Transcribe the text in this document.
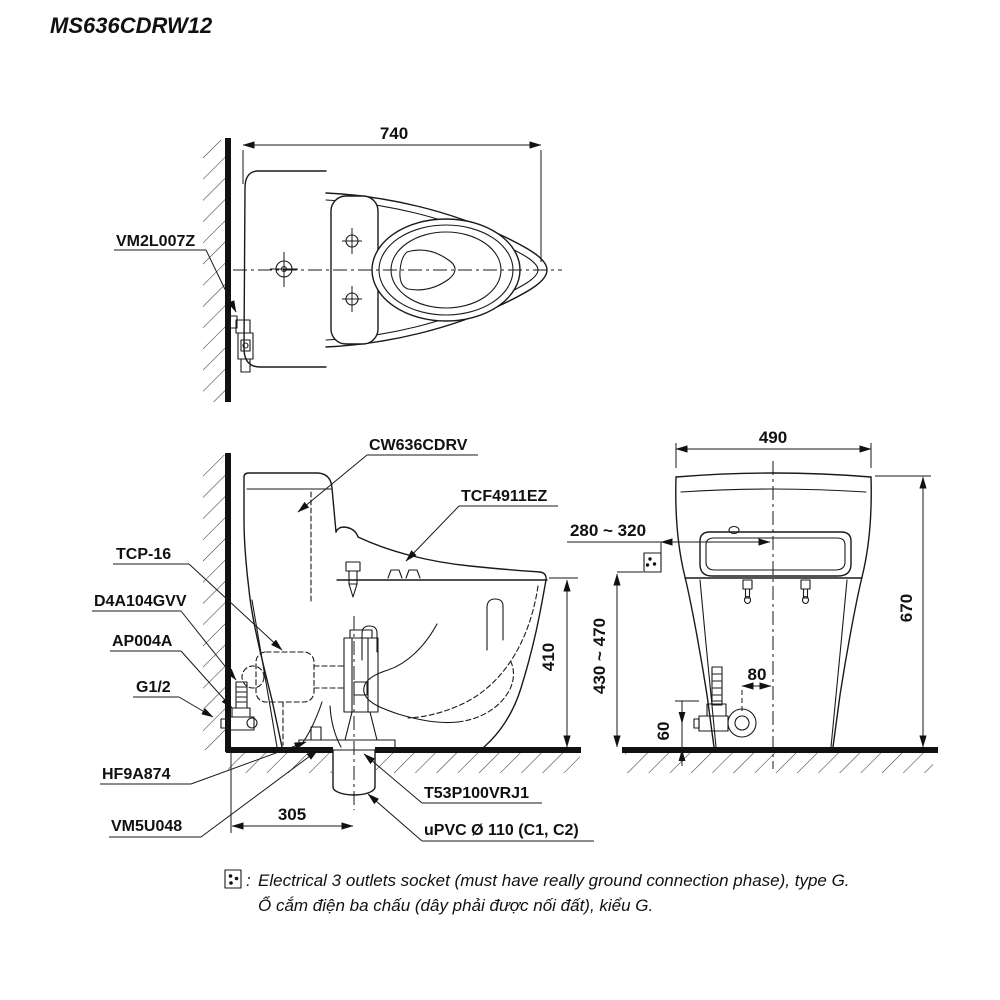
MS636CDRW12
740
VM2L007Z
410
305
CW636CDRV
TCF4911EZ
TCP-16
D4A104GVV
AP004A
G1/2
HF9A874
VM5U048
T53P100VRJ1
uPVC Ø 110 (C1, C2)
490
670
280 ~ 320
430 ~ 470	80
60
: Electrical 3 outlets socket (must have really ground connection phase), type G.
Ổ cắm điện ba chấu (dây phải được nối đất), kiểu G.
